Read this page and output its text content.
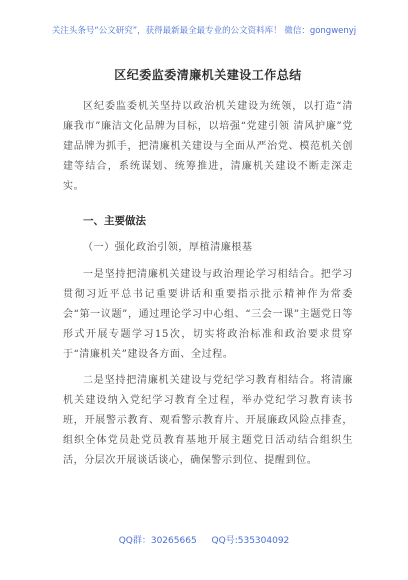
关注头条号“公文研究”，获得最新最全最专业的公文资料库！ 微信：gongwenyj
区纪委监委清廉机关建设工作总结

区纪委监委机关坚持以政治机关建设为统领，以打造“清廉我市”廉洁文化品牌为目标，以培强“党建引领 清风护廉”党建品牌为抓手，把清廉机关建设与全面从严治党、模范机关创建等结合，系统谋划、统筹推进，清廉机关建设不断走深走实。

一、主要做法
（一）强化政治引领，厚植清廉根基

一是坚持把清廉机关建设与政治理论学习相结合。把学习贯彻习近平总书记重要讲话和重要指示批示精神作为常委会“第一议题”，通过理论学习中心组、“三会一课”主题党日等形式开展专题学习15次，切实将政治标准和政治要求贯穿于“清廉机关”建设各方面、全过程。

二是坚持把清廉机关建设与党纪学习教育相结合。将清廉机关建设纳入党纪学习教育全过程，举办党纪学习教育读书班，开展警示教育、观看警示教育片、开展廉政风险点排查，组织全体党员赴党员教育基地开展主题党日活动结合组织生活，分层次开展谈话谈心，确保警示到位、提醒到位。

QQ群：30265665 QQ号:535304092
